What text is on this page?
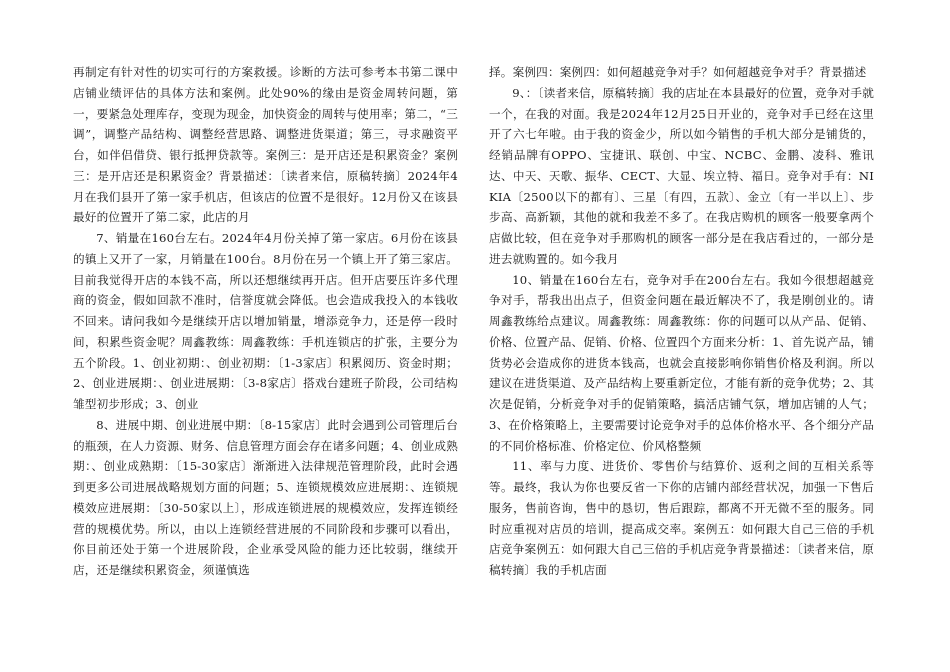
再制定有针对性的切实可行的方案救援。诊断的方法可参考本书第二课中店铺业绩评估的具体方法和案例。此处90%的缘由是资金周转问题，第一，要紧急处理库存，变现为现金，加快资金的周转与使用率；第二，“三调”，调整产品结构、调整经营思路、调整进货渠道；第三，寻求融资平台，如伴侣借贷、银行抵押贷款等。案例三：是开店还是积累资金？案例三：是开店还是积累资金？背景描述：〔读者来信，原稿转摘〕2024年4月在我们县开了第一家手机店，但该店的位置不是很好。12月份又在该县最好的位置开了第二家，此店的月

7、销量在160台左右。2024年4月份关掉了第一家店。6月份在该县的镇上又开了一家，月销量在100台。8月份在另一个镇上开了第三家店。目前我觉得开店的本钱不高，所以还想继续再开店。但开店要压许多代理商的资金，假如回款不准时，信誉度就会降低。也会造成我投入的本钱收不回来。请问我如今是继续开店以增加销量，增添竞争力，还是停一段时间，积累些资金呢？周鑫教练：周鑫教练：手机连锁店的扩张，主要分为五个阶段。1、创业初期：、创业初期：〔1-3家店〕积累阅历、资金时期；2、创业进展期：、创业进展期：〔3-8家店〕搭戏台建班子阶段，公司结构雏型初步形成；3、创业

8、进展中期、创业进展中期：〔8-15家店〕此时会遇到公司管理后台的瓶颈，在人力资源、财务、信息管理方面会存在诸多问题；4、创业成熟期：、创业成熟期：〔15-30家店〕渐渐进入法律规范管理阶段，此时会遇到更多公司进展战略规划方面的问题；5、连锁规模效应进展期：、连锁规模效应进展期：〔30-50家以上〕，形成连锁进展的规模效应，发挥连锁经营的规模优势。所以，由以上连锁经营进展的不同阶段和步骤可以看出，你目前还处于第一个进展阶段，企业承受风险的能力还比较弱，继续开店，还是继续积累资金，须谨慎选

择。案例四：案例四：如何超越竞争对手？如何超越竞争对手？背景描述

9、：〔读者来信，原稿转摘〕我的店址在本县最好的位置，竞争对手就一个，在我的对面。我是2024年12月25日开业的，竞争对手已经在这里开了六七年啦。由于我的资金少，所以如今销售的手机大部分是铺货的，经销品牌有OPPO、宝捷讯、联创、中宝、NCBC、金鹏、凌科、雅讯达、中天、天歌、振华、CECT、大显、埃立特、福日。竞争对手有：NIKIA〔2500以下的都有〕、三星〔有四，五款〕、金立〔有一半以上〕、步步高、高新颖，其他的就和我差不多了。在我店购机的顾客一般要拿两个店做比较，但在竞争对手那购机的顾客一部分是在我店看过的，一部分是进去就购置的。如今我月

10、销量在160台左右，竞争对手在200台左右。我如今很想超越竞争对手，帮我出出点子，但资金问题在最近解决不了，我是刚创业的。请周鑫教练给点建议。周鑫教练：周鑫教练：你的问题可以从产品、促销、价格、位置产品、促销、价格、位置四个方面来分析：1、首先说产品，铺货势必会造成你的进货本钱高，也就会直接影响你销售价格及利润。所以建议在进货渠道、及产品结构上要重新定位，才能有新的竞争优势；2、其次是促销，分析竞争对手的促销策略，搞活店铺气氛，增加店铺的人气；3、在价格策略上，主要需要讨论竞争对手的总体价格水平、各个细分产品的不同价格标准、价格定位、价风格整频

11、率与力度、进货价、零售价与结算价、返利之间的互相关系等等。最终，我认为你也要反省一下你的店铺内部经营状况，加强一下售后服务，售前咨询，售中的恳切，售后跟踪，都离不开无微不至的服务。同时应重视对店员的培训，提高成交率。案例五：如何跟大自己三倍的手机店竞争案例五：如何跟大自己三倍的手机店竞争背景描述：〔读者来信，原稿转摘〕我的手机店面
